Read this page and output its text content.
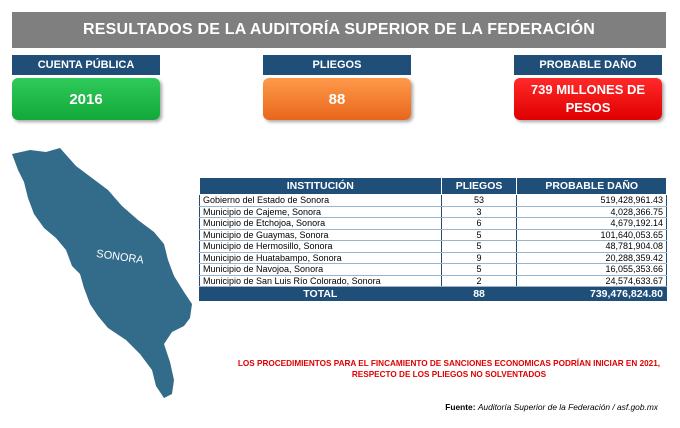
RESULTADOS DE LA AUDITORÍA SUPERIOR DE LA FEDERACIÓN
CUENTA PÚBLICA
2016
PLIEGOS
88
PROBABLE DAÑO
739 MILLONES DE PESOS
SONORA
INSTITUCIÓN	PLIEGOS	PROBABLE DAÑO
Gobierno del Estado de Sonora	53	519,428,961.43
Municipio de Cajeme, Sonora	3	4,028,366.75
Municipio de Etchojoa, Sonora	6	4,679,192.14
Municipio de Guaymas, Sonora	5	101,640,053.65
Municipio de Hermosillo, Sonora	5	48,781,904.08
Municipio de Huatabampo, Sonora	9	20,288,359.42
Municipio de Navojoa, Sonora	5	16,055,353.66
Municipio de San Luis Río Colorado, Sonora	2	24,574,633.67
TOTAL	88	739,476,824.80
LOS PROCEDIMIENTOS PARA EL FINCAMIENTO DE SANCIONES ECONOMICAS PODRÍAN INICIAR EN 2021,
RESPECTO DE LOS PLIEGOS NO SOLVENTADOS
Fuente: Auditoría Superior de la Federación / asf.gob.mx
